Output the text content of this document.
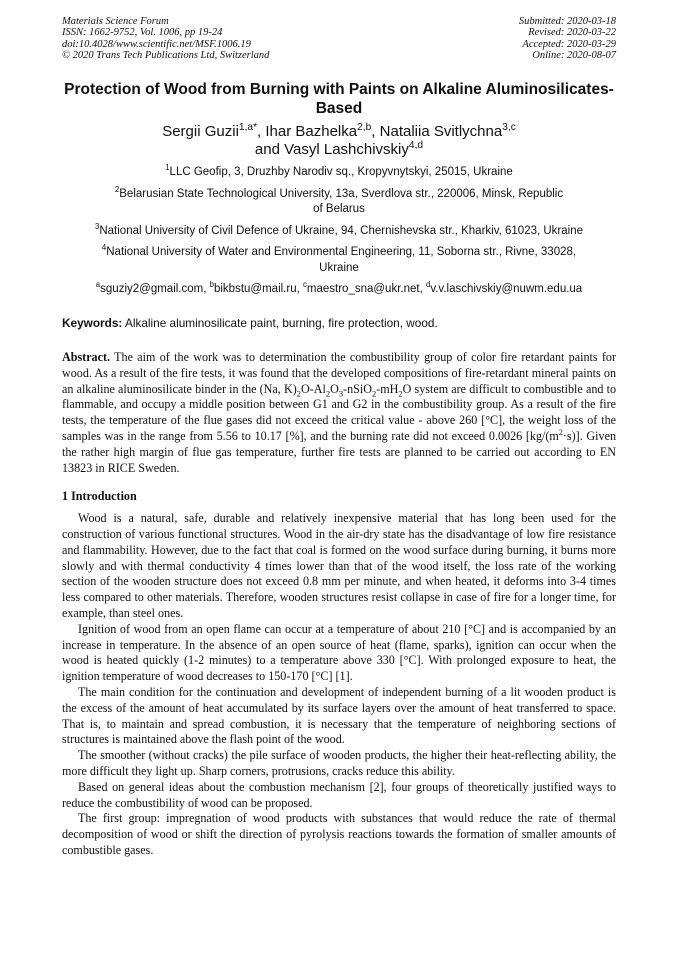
Materials Science Forum
ISSN: 1662-9752, Vol. 1006, pp 19-24
doi:10.4028/www.scientific.net/MSF.1006.19
© 2020 Trans Tech Publications Ltd, Switzerland
Submitted: 2020-03-18
Revised: 2020-03-22
Accepted: 2020-03-29
Online: 2020-08-07
Protection of Wood from Burning with Paints on Alkaline Aluminosilicates-Based
Sergii Guzii$^{1,a*}$, Ihar Bazhelka$^{2,b}$, Nataliia Svitlychna$^{3,c}$
and Vasyl Lashchivskiy$^{4,d}$
$^1$LLC Geofip, 3, Druzhby Narodiv sq., Kropyvnytskyi, 25015, Ukraine
$^2$Belarusian State Technological University, 13a, Sverdlova str., 220006, Minsk, Republic of Belarus
$^3$National University of Civil Defence of Ukraine, 94, Chernishevska str., Kharkiv, 61023, Ukraine
$^4$National University of Water and Environmental Engineering, 11, Soborna str., Rivne, 33028, Ukraine
$^a$sguziy2@gmail.com, $^b$bikbstu@mail.ru, $^c$maestro_sna@ukr.net, $^d$v.v.laschivskiy@nuwm.edu.ua
Keywords: Alkaline aluminosilicate paint, burning, fire protection, wood.

Abstract. The aim of the work was to determination the combustibility group of color fire retardant paints for wood. As a result of the fire tests, it was found that the developed compositions of fire-retardant mineral paints on an alkaline aluminosilicate binder in the (Na, $K)_2O-Al_2O_3-nSiO_2-mH_2O$ system are difficult to combustible and to flammable, and occupy a middle position between G1 and G2 in the combustibility group. As a result of the fire tests, the temperature of the flue gases did not exceed the critical value - above 260 [°C], the weight loss of the samples was in the range from 5.56 to 10.17 [%], and the burning rate did not exceed 0.0026 $[kg/(m^2\cdot s)]$. Given the rather high margin of flue gas temperature, further fire tests are planned to be carried out according to EN 13823 in RICE Sweden.

1 Introduction

Wood is a natural, safe, durable and relatively inexpensive material that has long been used for the construction of various functional structures. Wood in the air-dry state has the disadvantage of low fire resistance and flammability. However, due to the fact that coal is formed on the wood surface during burning, it burns more slowly and with thermal conductivity 4 times lower than that of the wood itself, the loss rate of the working section of the wooden structure does not exceed 0.8 mm per minute, and when heated, it deforms into 3-4 times less compared to other materials. Therefore, wooden structures resist collapse in case of fire for a longer time, for example, than steel ones.

Ignition of wood from an open flame can occur at a temperature of about 210 [°C] and is accompanied by an increase in temperature. In the absence of an open source of heat (flame, sparks), ignition can occur when the wood is heated quickly (1-2 minutes) to a temperature above 330 [°C]. With prolonged exposure to heat, the ignition temperature of wood decreases to 150-170 [°C] [1].

The main condition for the continuation and development of independent burning of a lit wooden product is the excess of the amount of heat accumulated by its surface layers over the amount of heat transferred to space. That is, to maintain and spread combustion, it is necessary that the temperature of neighboring sections of structures is maintained above the flash point of the wood.

The smoother (without cracks) the pile surface of wooden products, the higher their heat-reflecting ability, the more difficult they light up. Sharp corners, protrusions, cracks reduce this ability.

Based on general ideas about the combustion mechanism [2], four groups of theoretically justified ways to reduce the combustibility of wood can be proposed.

The first group: impregnation of wood products with substances that would reduce the rate of thermal decomposition of wood or shift the direction of pyrolysis reactions towards the formation of smaller amounts of combustible gases.
